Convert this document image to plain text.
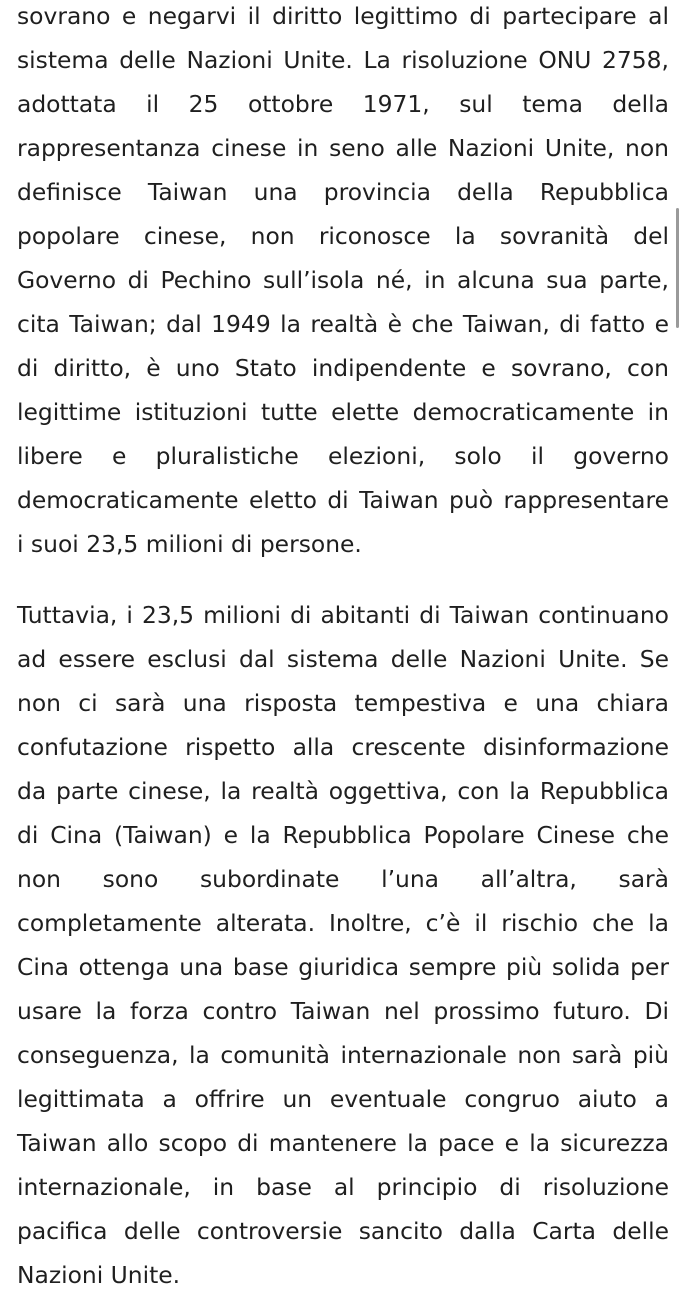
sovrano e negarvi il diritto legittimo di partecipare al
sistema delle Nazioni Unite. La risoluzione ONU 2758,
adottata il 25 ottobre 1971, sul tema della
rappresentanza cinese in seno alle Nazioni Unite, non
definisce Taiwan una provincia della Repubblica
popolare cinese, non riconosce la sovranità del
Governo di Pechino sull’isola né, in alcuna sua parte,
cita Taiwan; dal 1949 la realtà è che Taiwan, di fatto e
di diritto, è uno Stato indipendente e sovrano, con
legittime istituzioni tutte elette democraticamente in
libere e pluralistiche elezioni, solo il governo
democraticamente eletto di Taiwan può rappresentare
i suoi 23,5 milioni di persone.

Tuttavia, i 23,5 milioni di abitanti di Taiwan continuano
ad essere esclusi dal sistema delle Nazioni Unite. Se
non ci sarà una risposta tempestiva e una chiara
confutazione rispetto alla crescente disinformazione
da parte cinese, la realtà oggettiva, con la Repubblica
di Cina (Taiwan) e la Repubblica Popolare Cinese che
non sono subordinate l’una all’altra, sarà
completamente alterata. Inoltre, c’è il rischio che la
Cina ottenga una base giuridica sempre più solida per
usare la forza contro Taiwan nel prossimo futuro. Di
conseguenza, la comunità internazionale non sarà più
legittimata a offrire un eventuale congruo aiuto a
Taiwan allo scopo di mantenere la pace e la sicurezza
internazionale, in base al principio di risoluzione
pacifica delle controversie sancito dalla Carta delle
Nazioni Unite.
